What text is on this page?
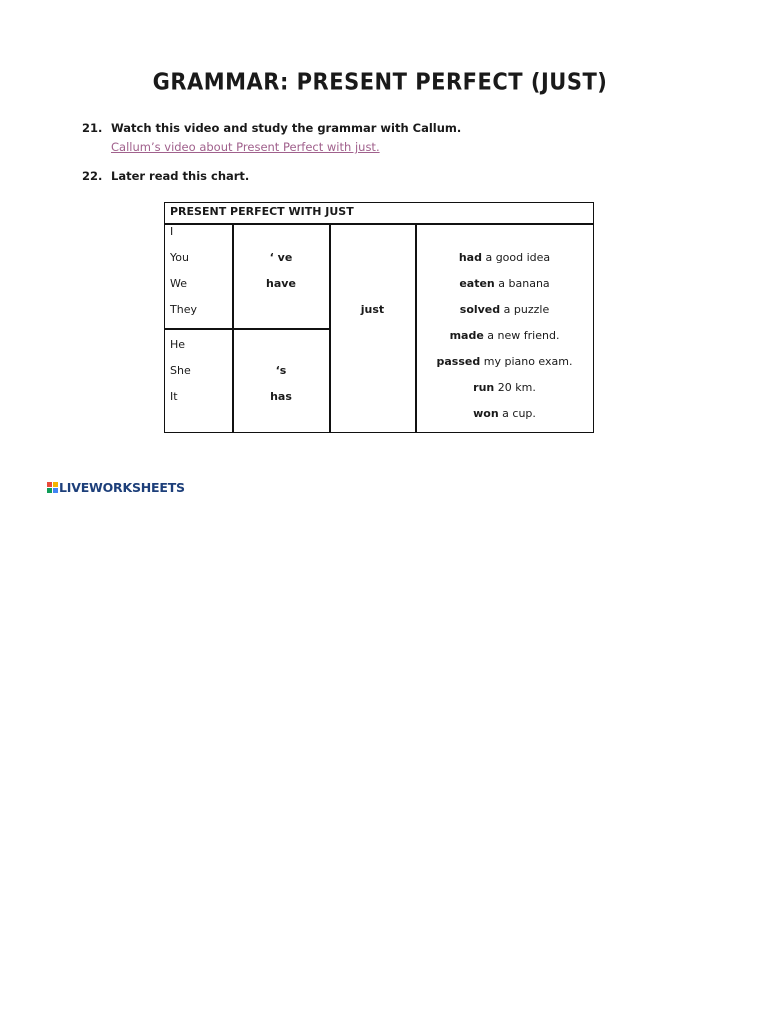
GRAMMAR: PRESENT PERFECT (JUST)
21. Watch this video and study the grammar with Callum.
Callum’s video about Present Perfect with just.
22. Later read this chart.
PRESENT PERFECT WITH JUST
I
You
We
They
‘ ve
have
He
She
It
‘s
has
just
had a good idea
eaten a banana
solved a puzzle
made a new friend.
passed my piano exam.
run 20 km.
won a cup.
LIVEWORKSHEETS
